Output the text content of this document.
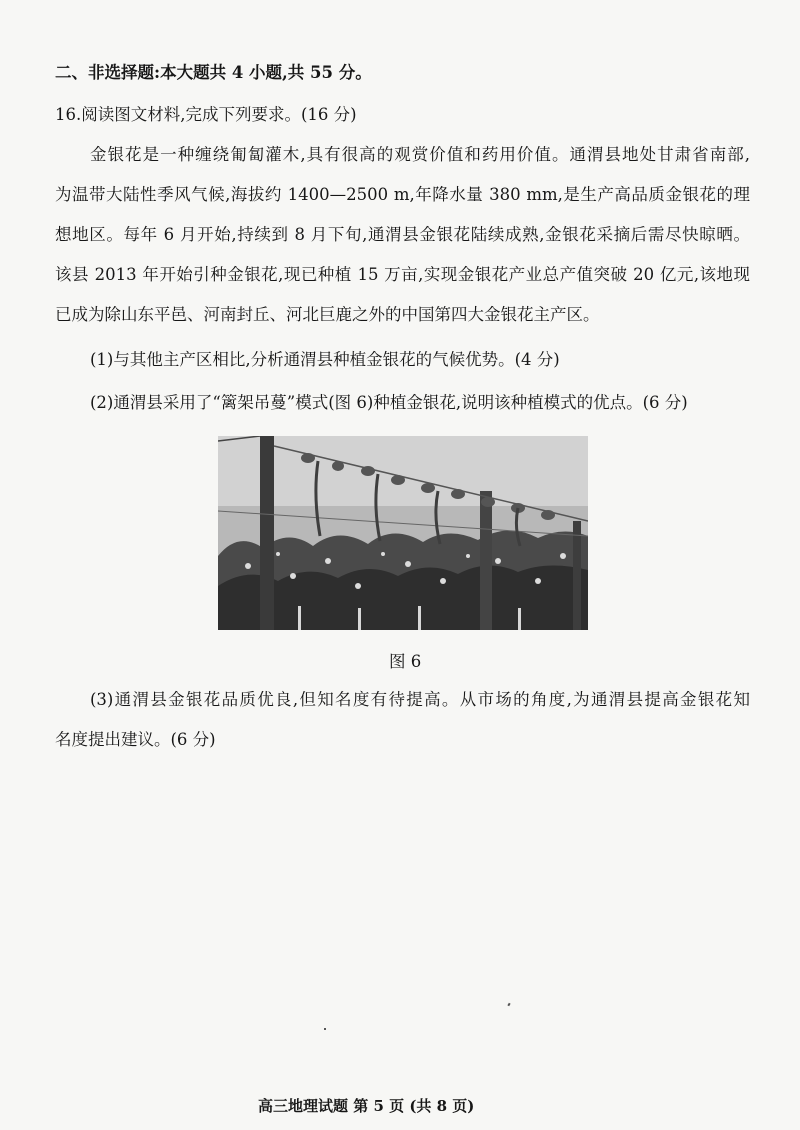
二、非选择题:本大题共 4 小题,共 55 分。
16.阅读图文材料,完成下列要求。(16 分)
金银花是一种缠绕匍匐灌木,具有很高的观赏价值和药用价值。通渭县地处甘肃省南部,
为温带大陆性季风气候,海拔约 1400—2500 m,年降水量 380 mm,是生产高品质金银花的理
想地区。每年 6 月开始,持续到 8 月下旬,通渭县金银花陆续成熟,金银花采摘后需尽快晾晒。
该县 2013 年开始引种金银花,现已种植 15 万亩,实现金银花产业总产值突破 20 亿元,该地现
已成为除山东平邑、河南封丘、河北巨鹿之外的中国第四大金银花主产区。
(1)与其他主产区相比,分析通渭县种植金银花的气候优势。(4 分)
(2)通渭县采用了“篱架吊蔓”模式(图 6)种植金银花,说明该种植模式的优点。(6 分)
图 6
(3)通渭县金银花品质优良,但知名度有待提高。从市场的角度,为通渭县提高金银花知
名度提出建议。(6 分)
高三地理试题 第 5 页 (共 8 页)
